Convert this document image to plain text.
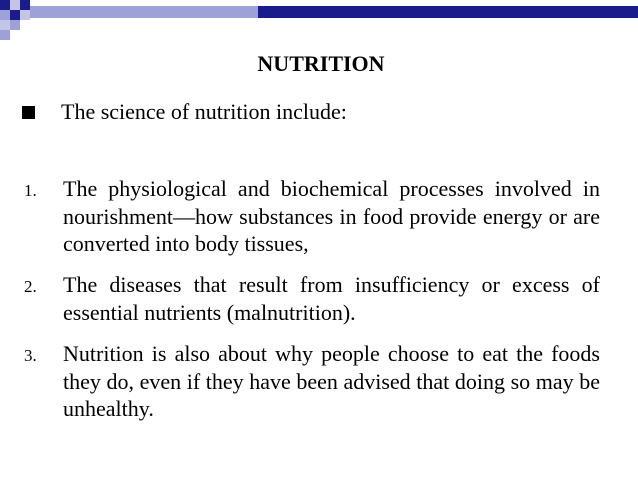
NUTRITION
The science of nutrition include:
1. The physiological and biochemical processes involved in nourishment—how substances in food provide energy or are converted into body tissues,
2. The diseases that result from insufficiency or excess of essential nutrients (malnutrition).
3. Nutrition is also about why people choose to eat the foods they do, even if they have been advised that doing so may be unhealthy.
